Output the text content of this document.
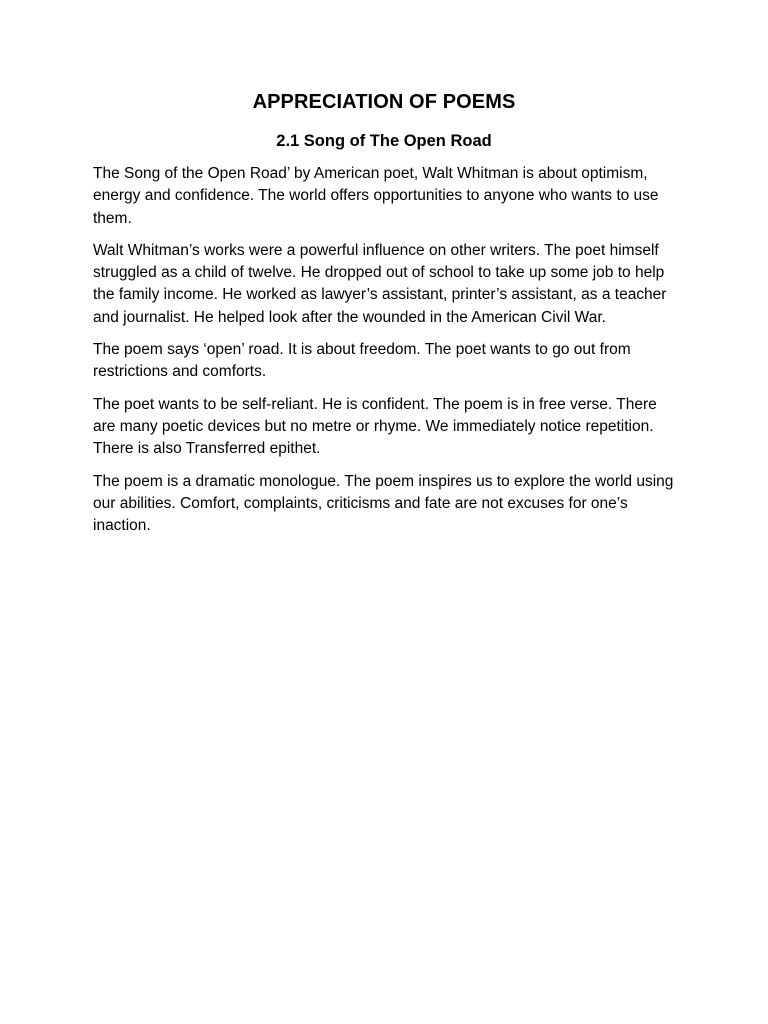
APPRECIATION OF POEMS
2.1 Song of The Open Road

The Song of the Open Road’ by American poet, Walt Whitman is about optimism, energy and confidence. The world offers opportunities to anyone who wants to use them.

Walt Whitman’s works were a powerful influence on other writers. The poet himself struggled as a child of twelve. He dropped out of school to take up some job to help the family income. He worked as lawyer’s assistant, printer’s assistant, as a teacher and journalist. He helped look after the wounded in the American Civil War.

The poem says ‘open’ road. It is about freedom. The poet wants to go out from restrictions and comforts.

The poet wants to be self-reliant. He is confident. The poem is in free verse. There are many poetic devices but no metre or rhyme. We immediately notice repetition. There is also Transferred epithet.

The poem is a dramatic monologue. The poem inspires us to explore the world using our abilities. Comfort, complaints, criticisms and fate are not excuses for one’s inaction.
